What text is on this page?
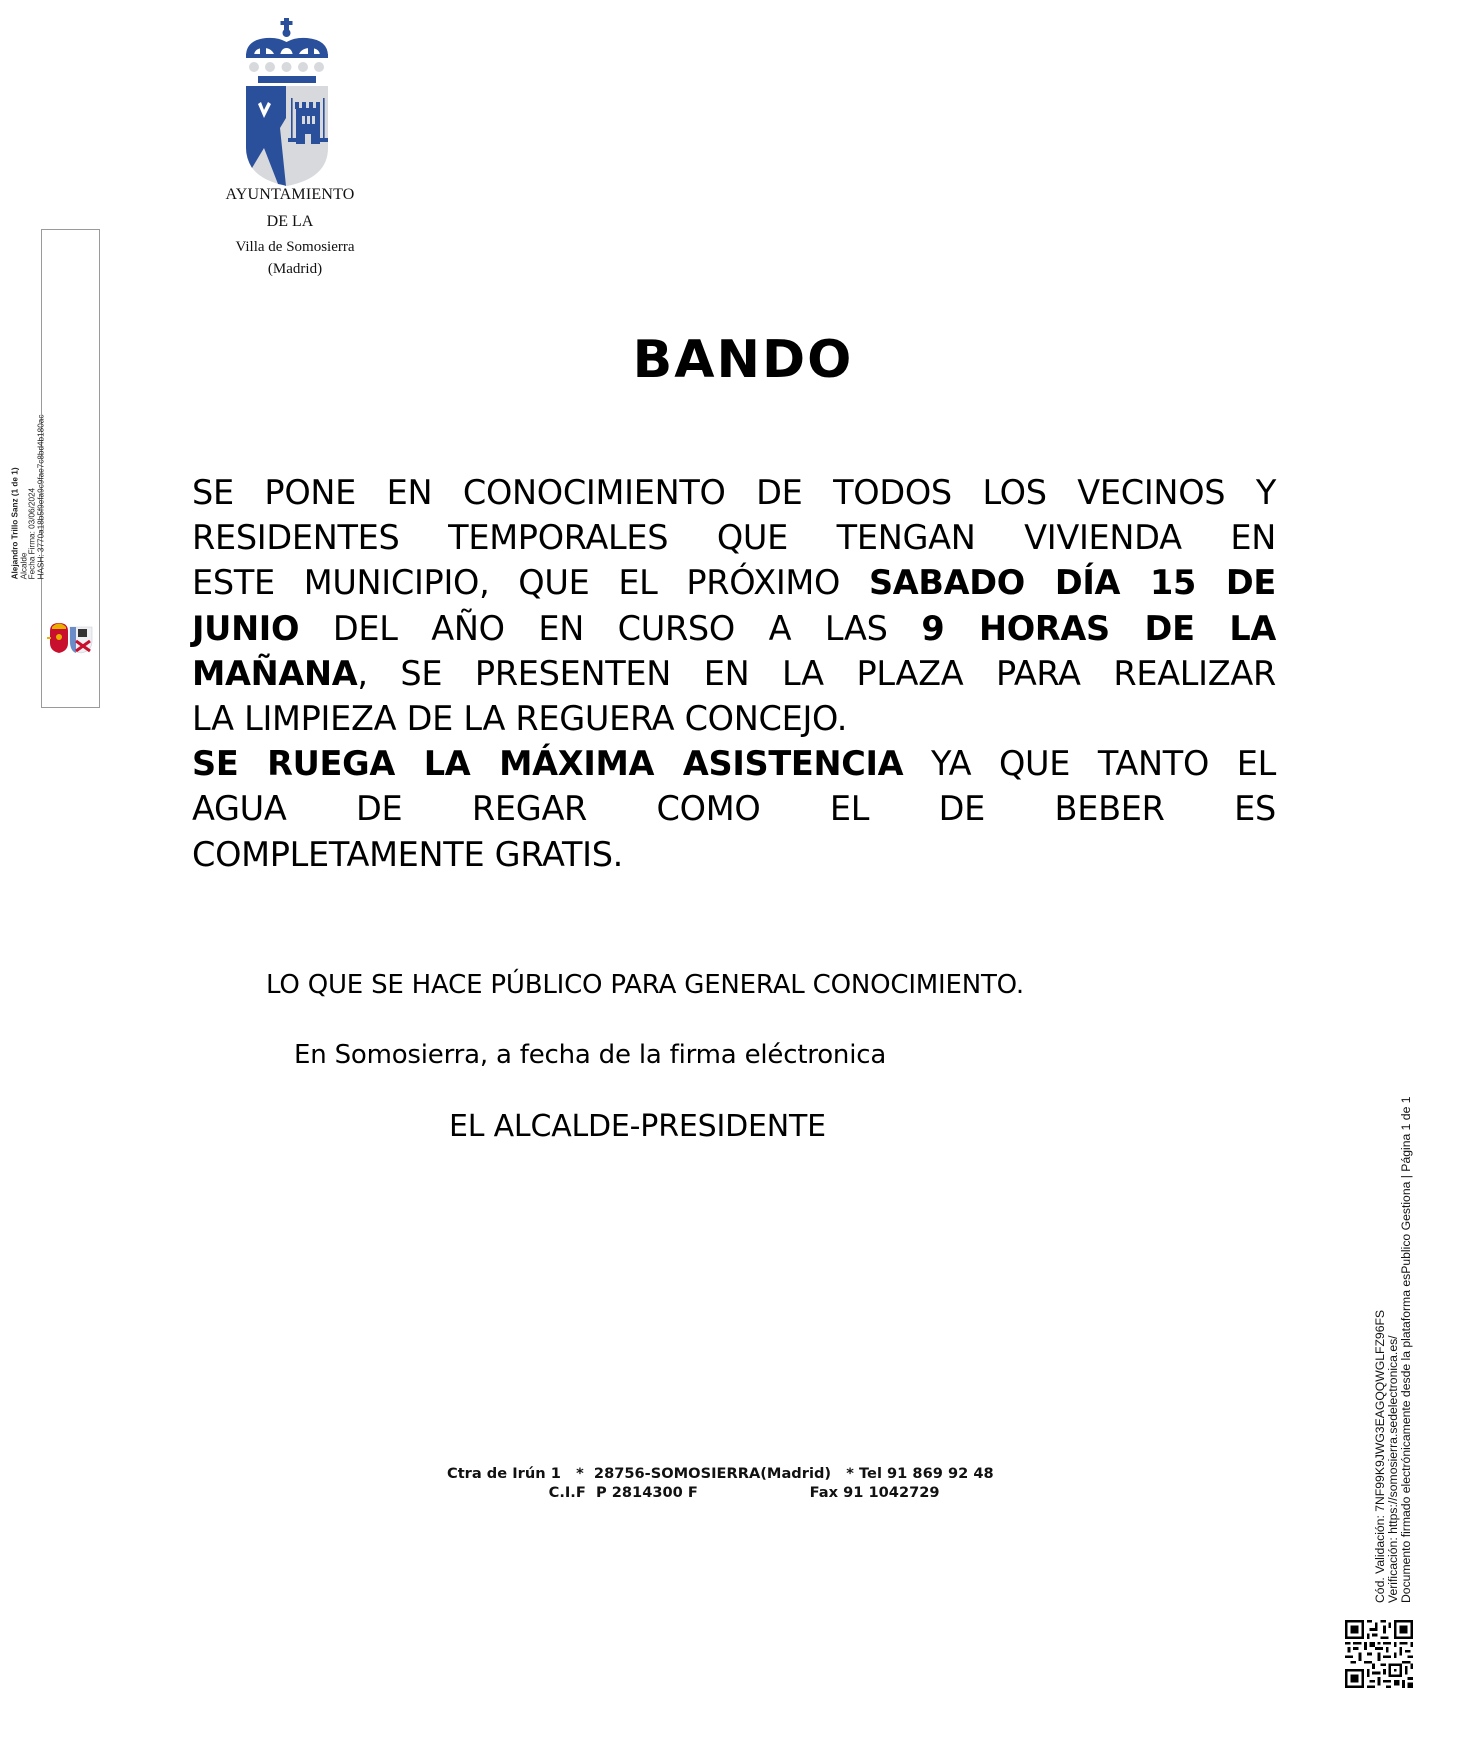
AYUNTAMIENTO
DE LA
Villa de Somosierra
(Madrid)
Alejandro Trillo Sanz (1 de 1) Alcalde Fecha Firma: 03/06/2024 HASH: 3770a18b5f9efa9c9fae7c8bd4b180ac
BANDO
SE PONE EN CONOCIMIENTO DE TODOS LOS VECINOS Y
RESIDENTES TEMPORALES QUE TENGAN VIVIENDA EN
ESTE MUNICIPIO, QUE EL PRÓXIMO SABADO DÍA 15 DE
JUNIO DEL AÑO EN CURSO A LAS 9 HORAS DE LA
MAÑANA, SE PRESENTEN EN LA PLAZA PARA REALIZAR
LA LIMPIEZA DE LA REGUERA CONCEJO.
SE RUEGA LA MÁXIMA ASISTENCIA YA QUE TANTO EL
AGUA DE REGAR COMO EL DE BEBER ES
COMPLETAMENTE GRATIS.
LO QUE SE HACE PÚBLICO PARA GENERAL CONOCIMIENTO.
En Somosierra, a fecha de la firma eléctronica
EL ALCALDE-PRESIDENTE
Ctra de Irún 1   *  28756-SOMOSIERRA(Madrid)   * Tel 91 869 92 48
C.I.F  P 2814300 F                      Fax 91 1042729	Cód. Validación: 7NF99K9JWG3EAGQQWGLFZ96FS
Verificación: https://somosierra.sedelectronica.es/
Documento firmado electrónicamente desde la plataforma esPublico Gestiona | Página 1 de 1
